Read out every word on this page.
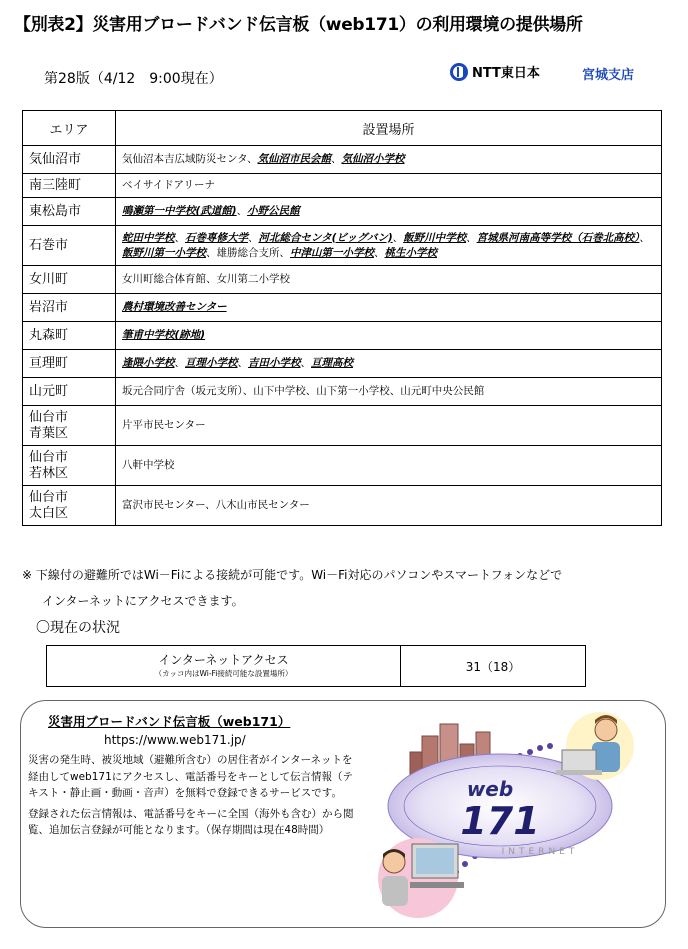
【別表2】災害用ブロードバンド伝言板（web171）の利用環境の提供場所
第28版（4/12　9:00現在）	NTT東日本	宮城支店
エリア	設置場所
気仙沼市	気仙沼本吉広域防災センタ、気仙沼市民会館、気仙沼小学校
南三陸町	ベイサイドアリーナ
東松島市	鳴瀬第一中学校(武道館)、小野公民館
石巻市	蛇田中学校、石巻専修大学、河北総合センタ(ビッグバン)、飯野川中学校、宮城県河南高等学校（石巻北高校）、飯野川第一小学校、雄勝総合支所、中津山第一小学校、桃生小学校
女川町	女川町総合体育館、女川第二小学校
岩沼市	農村環境改善センター
丸森町	筆甫中学校(跡地)
亘理町	逢隈小学校、亘理小学校、吉田小学校、亘理高校
山元町	坂元合同庁舎（坂元支所）、山下中学校、山下第一小学校、山元町中央公民館
仙台市
青葉区	片平市民センター
仙台市
若林区	八軒中学校
仙台市
太白区	富沢市民センター、八木山市民センター
※ 下線付の避難所ではWi－Fiによる接続が可能です。Wi－Fi対応のパソコンやスマートフォンなどで
インターネットにアクセスできます。
〇現在の状況
インターネットアクセス
（カッコ内はWi-Fi接続可能な設置場所）	31（18）
災害用ブロードバンド伝言板（web171）
https://www.web171.jp/

災害の発生時、被災地域（避難所含む）の居住者がインターネットを経由してweb171にアクセスし、電話番号をキーとして伝言情報（テキスト・静止画・動画・音声）を無料で登録できるサービスです。

登録された伝言情報は、電話番号をキーに全国（海外も含む）から閲覧、追加伝言登録が可能となります。（保存期間は現在48時間）

web
171
INTERNET
